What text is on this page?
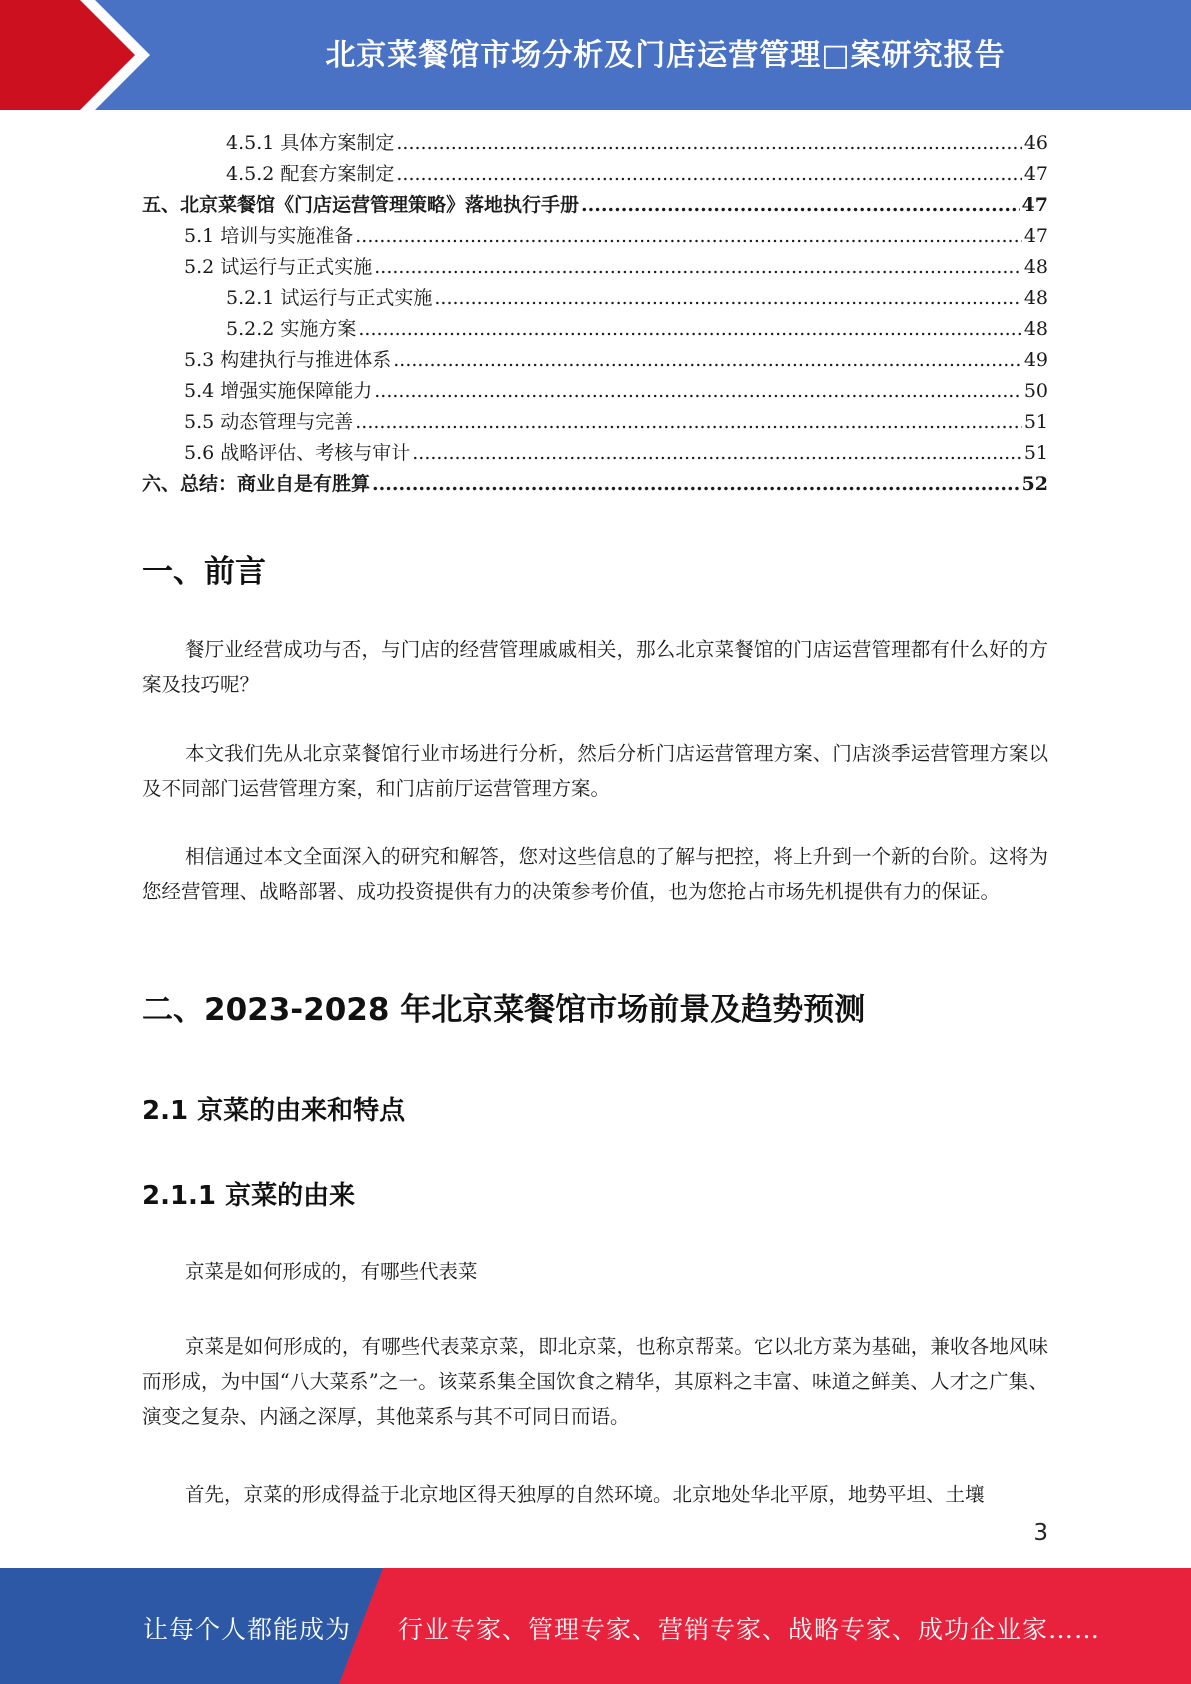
北京菜餐馆市场分析及门店运营管理□案研究报告
4.5.1 具体方案制定 .....	46
4.5.2 配套方案制定 .....	47
五、北京菜餐馆《门店运营管理策略》落地执行手册 .....	47
5.1 培训与实施准备 .....	47
5.2 试运行与正式实施 .....	48
5.2.1 试运行与正式实施 .....	48
5.2.2 实施方案 .....	48
5.3 构建执行与推进体系 .....	49
5.4 增强实施保障能力 .....	50
5.5 动态管理与完善 .....	51
5.6 战略评估、考核与审计 .....	51
六、总结：商业自是有胜算 .....	52
一、前言

餐厅业经营成功与否，与门店的经营管理戚戚相关，那么北京菜餐馆的门店运营管理都有什么好的方案及技巧呢？

本文我们先从北京菜餐馆行业市场进行分析，然后分析门店运营管理方案、门店淡季运营管理方案以及不同部门运营管理方案，和门店前厅运营管理方案。

相信通过本文全面深入的研究和解答，您对这些信息的了解与把控，将上升到一个新的台阶。这将为您经营管理、战略部署、成功投资提供有力的决策参考价值，也为您抢占市场先机提供有力的保证。

二、2023-2028 年北京菜餐馆市场前景及趋势预测
2.1 京菜的由来和特点
2.1.1 京菜的由来

京菜是如何形成的，有哪些代表菜

京菜是如何形成的，有哪些代表菜京菜，即北京菜，也称京帮菜。它以北方菜为基础，兼收各地风味而形成，为中国“八大菜系”之一。该菜系集全国饮食之精华，其原料之丰富、味道之鲜美、人才之广集、演变之复杂、内涵之深厚，其他菜系与其不可同日而语。

首先，京菜的形成得益于北京地区得天独厚的自然环境。北京地处华北平原，地势平坦、土壤

3
让每个人都能成为 行业专家、管理专家、营销专家、战略专家、成功企业家……
